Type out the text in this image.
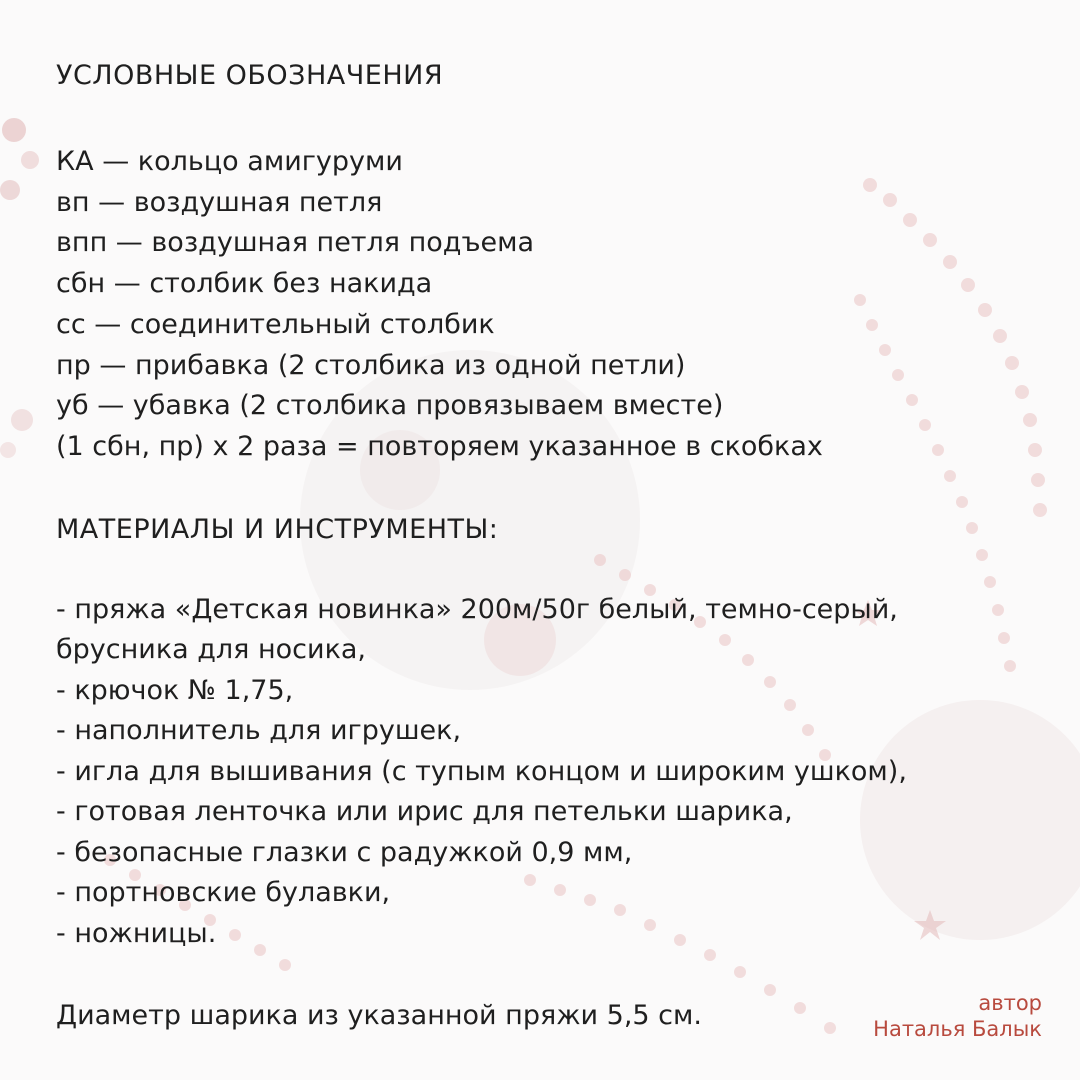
УСЛОВНЫЕ ОБОЗНАЧЕНИЯ
КА — кольцо амигуруми
вп — воздушная петля
впп — воздушная петля подъема
сбн — столбик без накида
сс — соединительный столбик
пр — прибавка (2 столбика из одной петли)
уб — убавка (2 столбика провязываем вместе)
(1 сбн, пр) х 2 раза = повторяем указанное в скобках
МАТЕРИАЛЫ И ИНСТРУМЕНТЫ:
- пряжа «Детская новинка» 200м/50г белый, темно-серый,
брусника для носика,
- крючок № 1,75,
- наполнитель для игрушек,
- игла для вышивания (с тупым концом и широким ушком),
- готовая ленточка или ирис для петельки шарика,
- безопасные глазки с радужкой 0,9 мм,
- портновские булавки,
- ножницы.

Диаметр шарика из указанной пряжи 5,5 см.	автор
Наталья Балык
